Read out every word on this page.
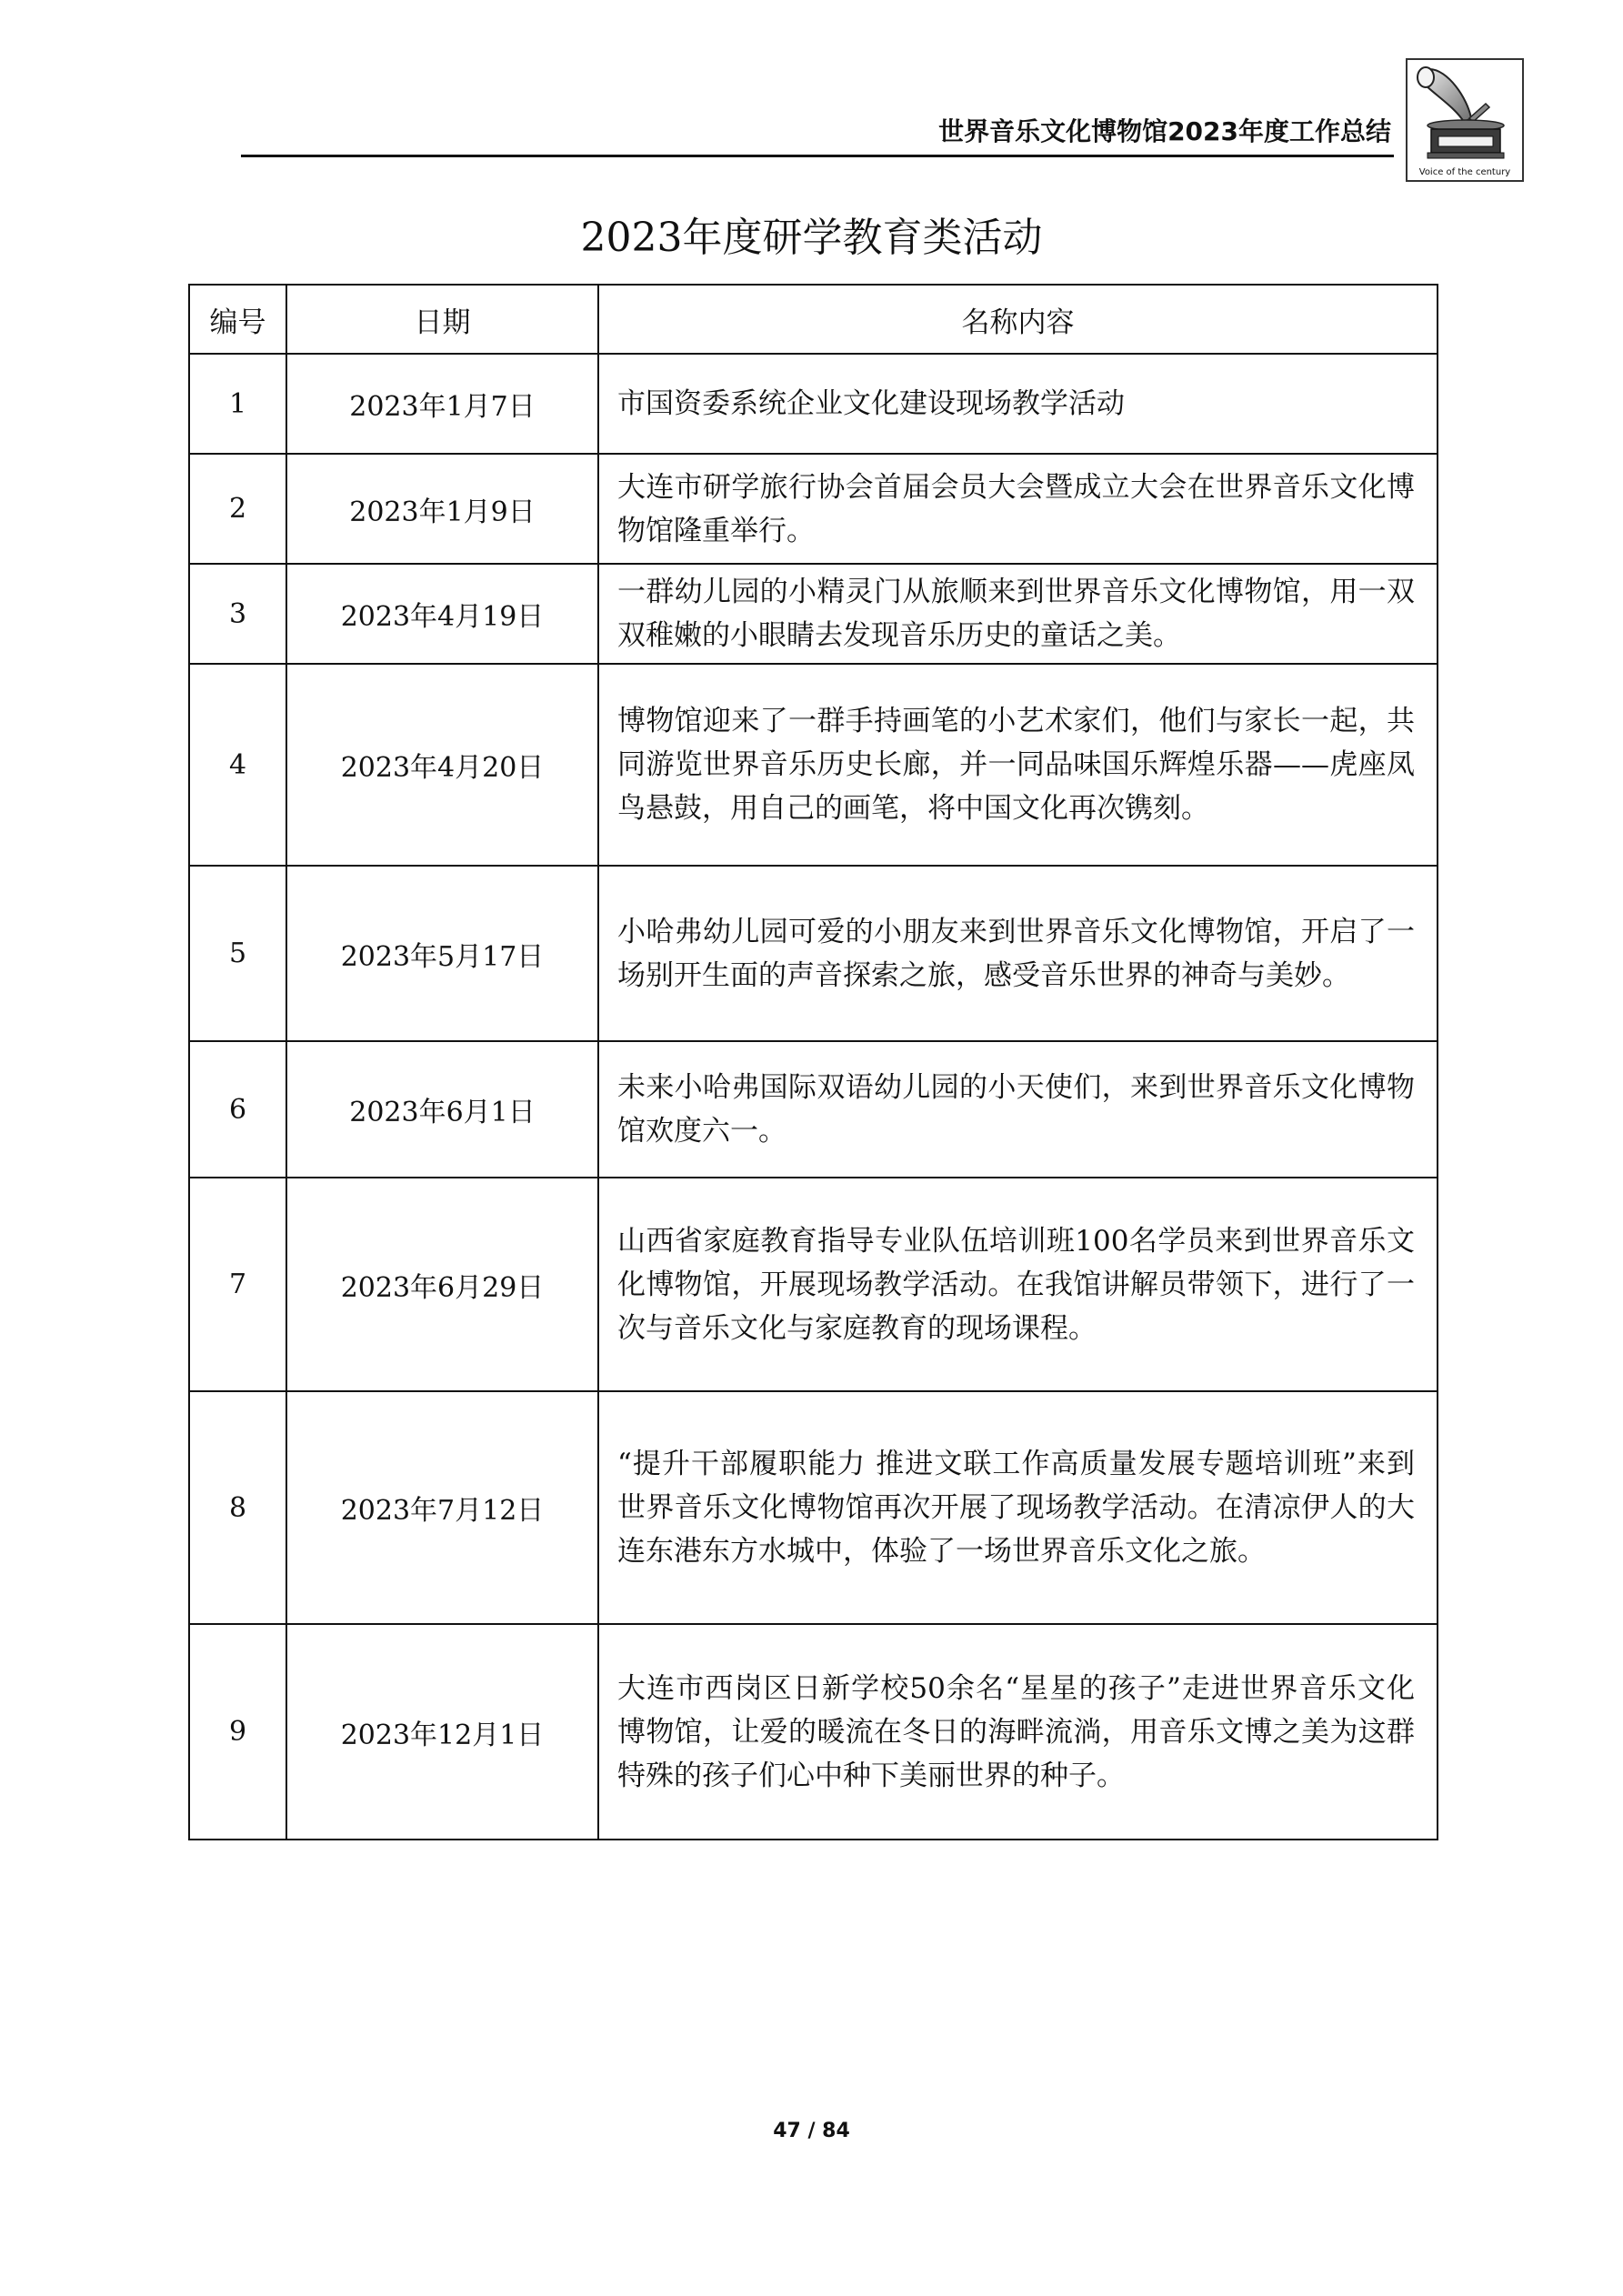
世界音乐文化博物馆2023年度工作总结
Voice of the century
2023年度研学教育类活动
编号	日期	名称内容
1	2023年1月7日	市国资委系统企业文化建设现场教学活动
2	2023年1月9日	大连市研学旅行协会首届会员大会暨成立大会在世界音乐文化博物馆隆重举行。
3	2023年4月19日	一群幼儿园的小精灵门从旅顺来到世界音乐文化博物馆，用一双双稚嫩的小眼睛去发现音乐历史的童话之美。
4	2023年4月20日	博物馆迎来了一群手持画笔的小艺术家们，他们与家长一起，共同游览世界音乐历史长廊，并一同品味国乐辉煌乐器——虎座凤鸟悬鼓，用自己的画笔，将中国文化再次镌刻。
5	2023年5月17日	小哈弗幼儿园可爱的小朋友来到世界音乐文化博物馆，开启了一场别开生面的声音探索之旅，感受音乐世界的神奇与美妙。
6	2023年6月1日	未来小哈弗国际双语幼儿园的小天使们，来到世界音乐文化博物馆欢度六一。
7	2023年6月29日	山西省家庭教育指导专业队伍培训班100名学员来到世界音乐文化博物馆，开展现场教学活动。在我馆讲解员带领下，进行了一次与音乐文化与家庭教育的现场课程。
8	2023年7月12日	“提升干部履职能力 推进文联工作高质量发展专题培训班”来到世界音乐文化博物馆再次开展了现场教学活动。在清凉伊人的大连东港东方水城中，体验了一场世界音乐文化之旅。
9	2023年12月1日	大连市西岗区日新学校50余名“星星的孩子”走进世界音乐文化博物馆，让爱的暖流在冬日的海畔流淌，用音乐文博之美为这群特殊的孩子们心中种下美丽世界的种子。
47 / 84
